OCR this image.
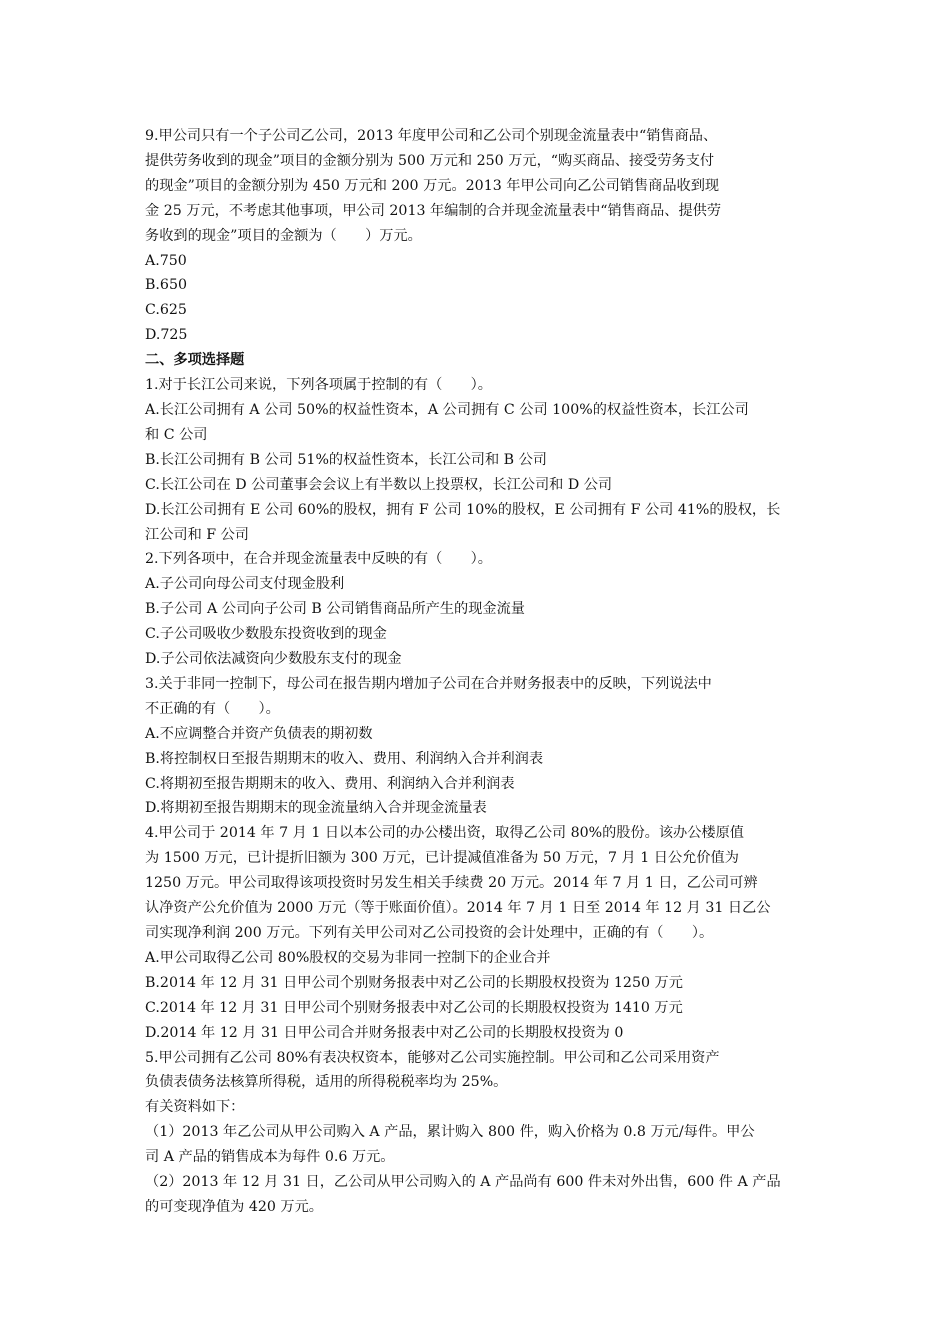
9.甲公司只有一个子公司乙公司，2013 年度甲公司和乙公司个别现金流量表中“销售商品、
提供劳务收到的现金”项目的金额分别为 500 万元和 250 万元，“购买商品、接受劳务支付
的现金”项目的金额分别为 450 万元和 200 万元。2013 年甲公司向乙公司销售商品收到现
金 25 万元，不考虑其他事项，甲公司 2013 年编制的合并现金流量表中“销售商品、提供劳
务收到的现金”项目的金额为（　　）万元。
A.750
B.650
C.625
D.725
二、多项选择题
1.对于长江公司来说，下列各项属于控制的有（　　）。
A.长江公司拥有 A 公司 50%的权益性资本，A 公司拥有 C 公司 100%的权益性资本，长江公司
和 C 公司
B.长江公司拥有 B 公司 51%的权益性资本，长江公司和 B 公司
C.长江公司在 D 公司董事会会议上有半数以上投票权，长江公司和 D 公司
D.长江公司拥有 E 公司 60%的股权，拥有 F 公司 10%的股权，E 公司拥有 F 公司 41%的股权，长
江公司和 F 公司
2.下列各项中，在合并现金流量表中反映的有（　　）。
A.子公司向母公司支付现金股利
B.子公司 A 公司向子公司 B 公司销售商品所产生的现金流量
C.子公司吸收少数股东投资收到的现金
D.子公司依法减资向少数股东支付的现金
3.关于非同一控制下，母公司在报告期内增加子公司在合并财务报表中的反映，下列说法中
不正确的有（　　）。
A.不应调整合并资产负债表的期初数
B.将控制权日至报告期期末的收入、费用、利润纳入合并利润表
C.将期初至报告期期末的收入、费用、利润纳入合并利润表
D.将期初至报告期期末的现金流量纳入合并现金流量表
4.甲公司于 2014 年 7 月 1 日以本公司的办公楼出资，取得乙公司 80%的股份。该办公楼原值
为 1500 万元，已计提折旧额为 300 万元，已计提减值准备为 50 万元，7 月 1 日公允价值为
1250 万元。甲公司取得该项投资时另发生相关手续费 20 万元。2014 年 7 月 1 日，乙公司可辨
认净资产公允价值为 2000 万元（等于账面价值）。2014 年 7 月 1 日至 2014 年 12 月 31 日乙公
司实现净利润 200 万元。下列有关甲公司对乙公司投资的会计处理中，正确的有（　　）。
A.甲公司取得乙公司 80%股权的交易为非同一控制下的企业合并
B.2014 年 12 月 31 日甲公司个别财务报表中对乙公司的长期股权投资为 1250 万元
C.2014 年 12 月 31 日甲公司个别财务报表中对乙公司的长期股权投资为 1410 万元
D.2014 年 12 月 31 日甲公司合并财务报表中对乙公司的长期股权投资为 0
5.甲公司拥有乙公司 80%有表决权资本，能够对乙公司实施控制。甲公司和乙公司采用资产
负债表债务法核算所得税，适用的所得税税率均为 25%。
有关资料如下：
（1）2013 年乙公司从甲公司购入 A 产品，累计购入 800 件，购入价格为 0.8 万元/每件。甲公
司 A 产品的销售成本为每件 0.6 万元。
（2）2013 年 12 月 31 日，乙公司从甲公司购入的 A 产品尚有 600 件未对外出售，600 件 A 产品
的可变现净值为 420 万元。
